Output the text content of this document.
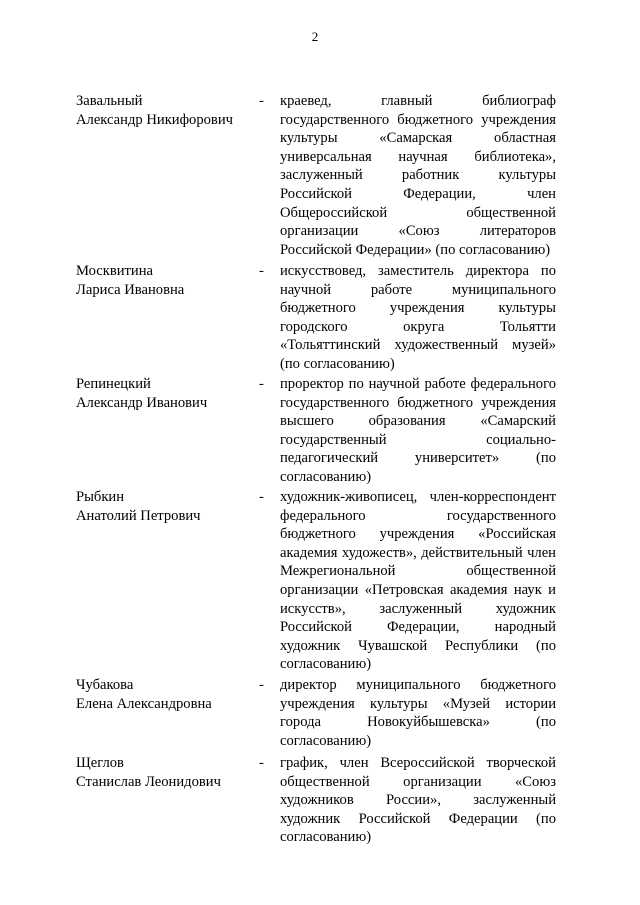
2
Завальный
Александр Никифорович
- краевед, главный библиограф государственного бюджетного учреждения культуры «Самарская областная универсальная научная библиотека», заслуженный работник культуры Российской Федерации, член Общероссийской общественной организации «Союз литераторов Российской Федерации» (по согласованию)
Москвитина
Лариса Ивановна
- искусствовед, заместитель директора по научной работе муниципального бюджетного учреждения культуры городского округа Тольятти «Тольяттинский художественный музей» (по согласованию)
Репинецкий
Александр Иванович
- проректор по научной работе федерального государственного бюджетного учреждения высшего образования «Самарский государственный социально-педагогический университет» (по согласованию)
Рыбкин
Анатолий Петрович
- художник-живописец, член-корреспондент федерального государственного бюджетного учреждения «Российская академия художеств», действительный член Межрегиональной общественной организации «Петровская академия наук и искусств», заслуженный художник Российской Федерации, народный художник Чувашской Республики (по согласованию)
Чубакова
Елена Александровна
- директор муниципального бюджетного учреждения культуры «Музей истории города Новокуйбышевска» (по согласованию)
Щеглов
Станислав Леонидович
- график, член Всероссийской творческой общественной организации «Союз художников России», заслуженный художник Российской Федерации (по согласованию)
